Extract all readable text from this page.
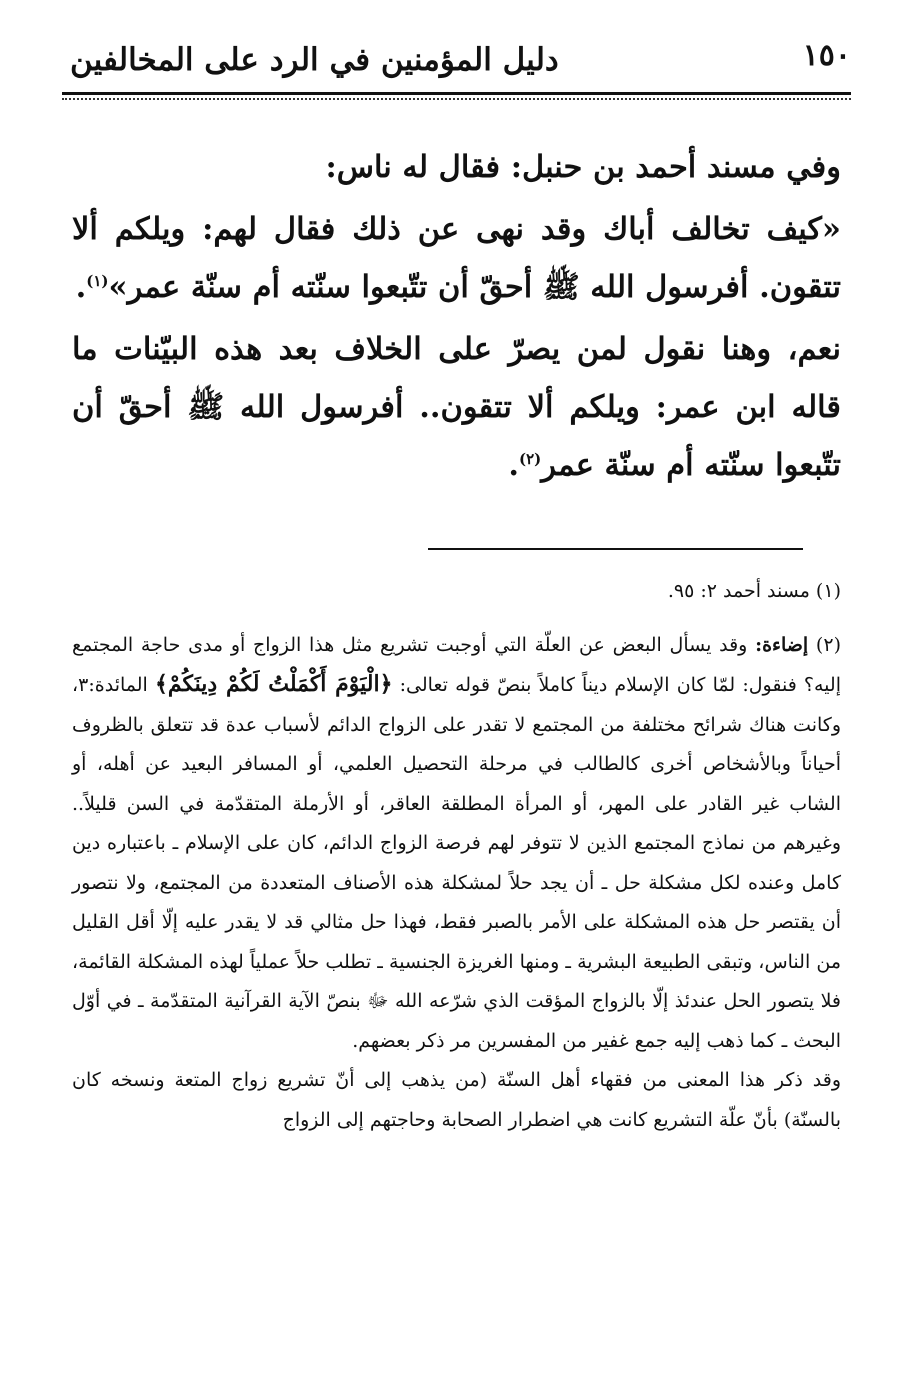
١٥٠
دليل المؤمنين في الرد على المخالفين

وفي مسند أحمد بن حنبل: فقال له ناس:

«كيف تخالف أباك وقد نهى عن ذلك فقال لهم: ويلكم ألا تتقون. أفرسول الله ﷺ أحقّ أن تتّبعوا سنّته أم سنّة عمر»$^{(١)}$.

نعم، وهنا نقول لمن يصرّ على الخلاف بعد هذه البيّنات ما قاله ابن عمر: ويلكم ألا تتقون.. أفرسول الله ﷺ أحقّ أن تتّبعوا سنّته أم سنّة عمر$^{(٢)}$.

(١) مسند أحمد ٢: ٩٥.

(٢) إضاءة: وقد يسأل البعض عن العلّة التي أوجبت تشريع مثل هذا الزواج أو مدى حاجة المجتمع إليه؟ فنقول: لمّا كان الإسلام ديناً كاملاً بنصّ قوله تعالى: ﴿الْيَوْمَ أَكْمَلْتُ لَكُمْ دِينَكُمْ﴾ المائدة:٣، وكانت هناك شرائح مختلفة من المجتمع لا تقدر على الزواج الدائم لأسباب عدة قد تتعلق بالظروف أحياناً وبالأشخاص أخرى كالطالب في مرحلة التحصيل العلمي، أو المسافر البعيد عن أهله، أو الشاب غير القادر على المهر، أو المرأة المطلقة العاقر، أو الأرملة المتقدّمة في السن قليلاً.. وغيرهم من نماذج المجتمع الذين لا تتوفر لهم فرصة الزواج الدائم، كان على الإسلام ـ باعتباره دين كامل وعنده لكل مشكلة حل ـ أن يجد حلاً لمشكلة هذه الأصناف المتعددة من المجتمع، ولا نتصور أن يقتصر حل هذه المشكلة على الأمر بالصبر فقط، فهذا حل مثالي قد لا يقدر عليه إلّا أقل القليل من الناس، وتبقى الطبيعة البشرية ـ ومنها الغريزة الجنسية ـ تطلب حلاً عملياً لهذه المشكلة القائمة، فلا يتصور الحل عندئذ إلّا بالزواج المؤقت الذي شرّعه الله ﷻ بنصّ الآية القرآنية المتقدّمة ـ في أوّل البحث ـ كما ذهب إليه جمع غفير من المفسرين مر ذكر بعضهم.

وقد ذكر هذا المعنى من فقهاء أهل السنّة (من يذهب إلى أنّ تشريع زواج المتعة ونسخه كان بالسنّة) بأنّ علّة التشريع كانت هي اضطرار الصحابة وحاجتهم إلى الزواج
